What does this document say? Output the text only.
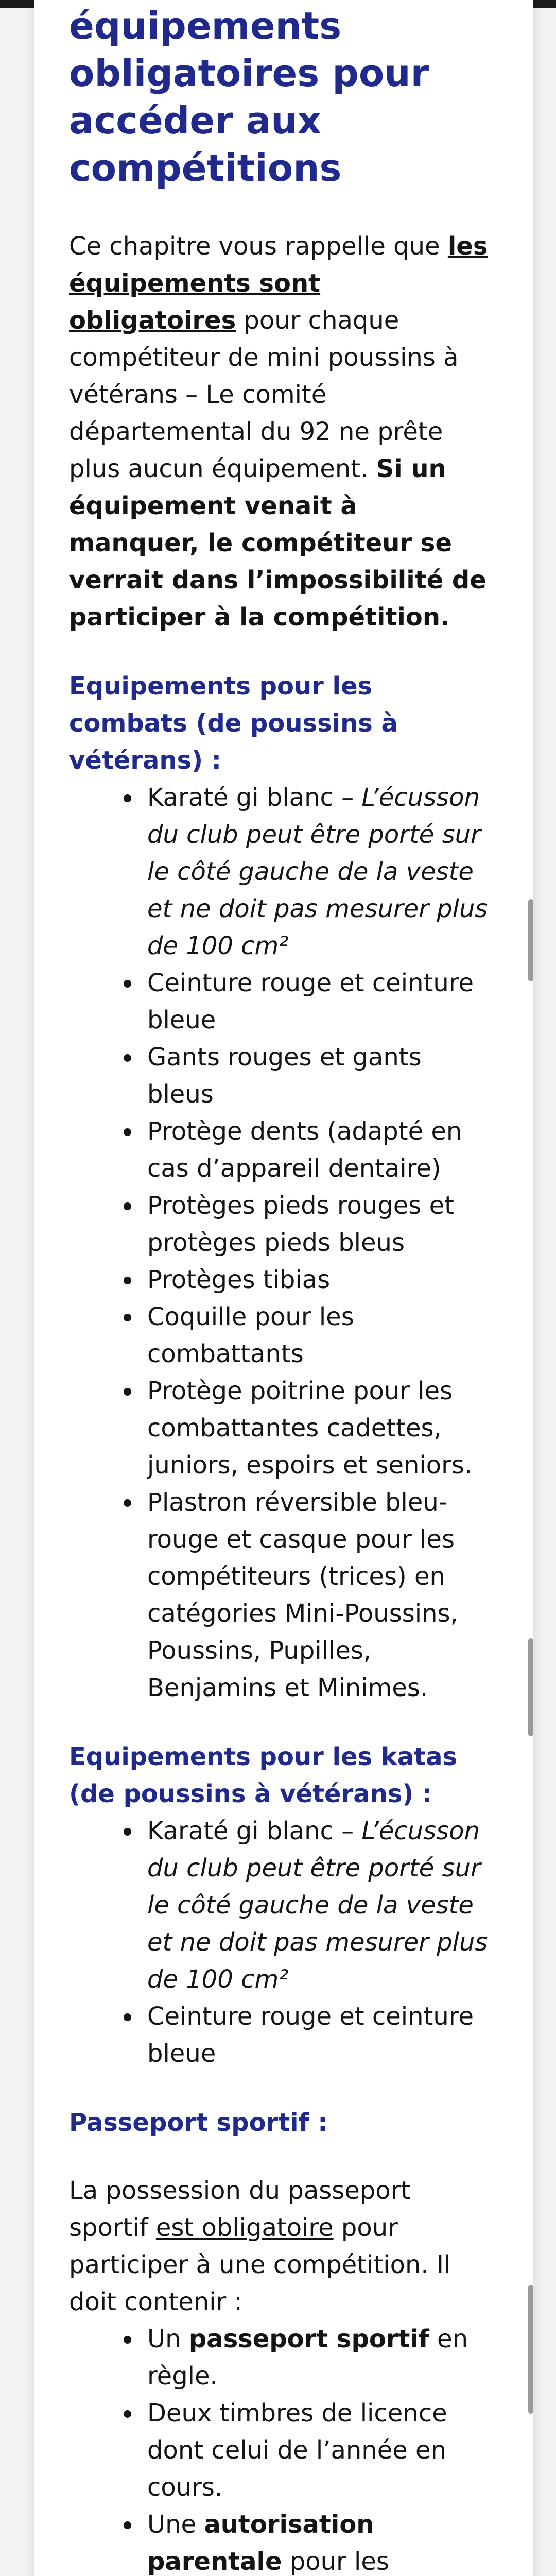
équipements obligatoires pour accéder aux compétitions

Ce chapitre vous rappelle que les équipements sont obligatoires pour chaque compétiteur de mini poussins à vétérans – Le comité départemental du 92 ne prête plus aucun équipement. Si un équipement venait à manquer, le compétiteur se verrait dans l’impossibilité de participer à la compétition.

Equipements pour les combats (de poussins à vétérans) :
Karaté gi blanc – L’écusson du club peut être porté sur le côté gauche de la veste et ne doit pas mesurer plus de 100 cm²
Ceinture rouge et ceinture bleue
Gants rouges et gants bleus
Protège dents (adapté en cas d’appareil dentaire)
Protèges pieds rouges et protèges pieds bleus
Protèges tibias
Coquille pour les combattants
Protège poitrine pour les combattantes cadettes, juniors, espoirs et seniors.
Plastron réversible bleu-rouge et casque pour les compétiteurs (trices) en catégories Mini-Poussins, Poussins, Pupilles, Benjamins et Minimes.
Equipements pour les katas (de poussins à vétérans) :
Karaté gi blanc – L’écusson du club peut être porté sur le côté gauche de la veste et ne doit pas mesurer plus de 100 cm²
Ceinture rouge et ceinture bleue
Passeport sportif :

La possession du passeport sportif est obligatoire pour participer à une compétition. Il doit contenir :

Un passeport sportif en règle.
Deux timbres de licence dont celui de l’année en cours.
Une autorisation parentale pour les
